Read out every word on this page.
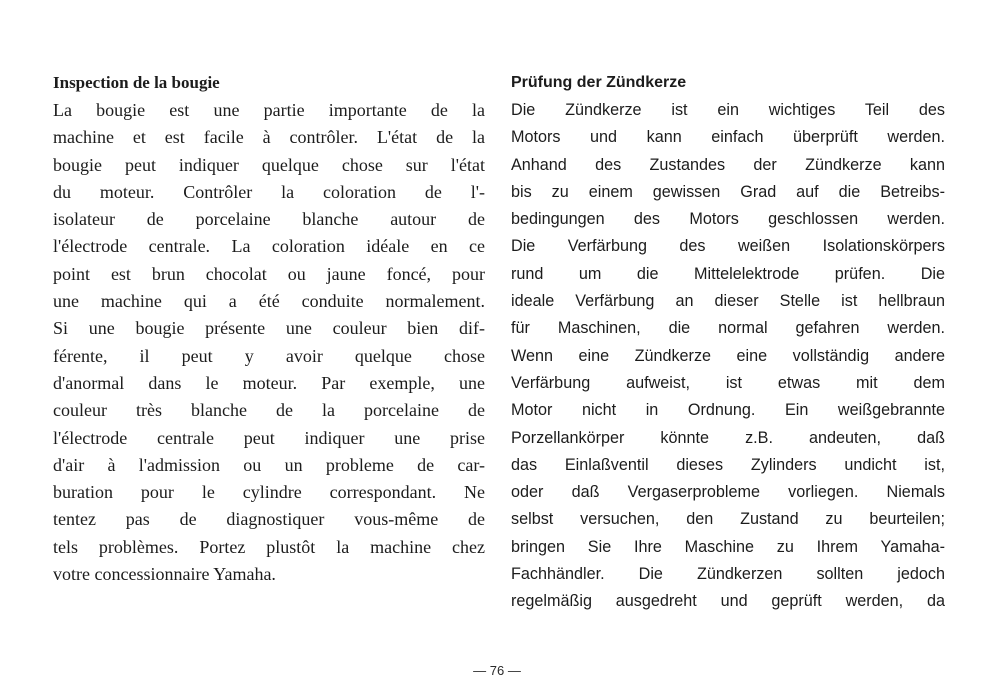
Inspection de la bougie
La bougie est une partie importante de la
machine et est facile à contrôler. L'état de la
bougie peut indiquer quelque chose sur l'état
du moteur. Contrôler la coloration de l'-
isolateur de porcelaine blanche autour de
l'électrode centrale. La coloration idéale en ce
point est brun chocolat ou jaune foncé, pour
une machine qui a été conduite normalement.
Si une bougie présente une couleur bien dif-
férente, il peut y avoir quelque chose
d'anormal dans le moteur. Par exemple, une
couleur très blanche de la porcelaine de
l'électrode centrale peut indiquer une prise
d'air à l'admission ou un probleme de car-
buration pour le cylindre correspondant. Ne
tentez pas de diagnostiquer vous-même de
tels problèmes. Portez plustôt la machine chez
votre concessionnaire Yamaha.
Prüfung der Zündkerze
Die Zündkerze ist ein wichtiges Teil des
Motors und kann einfach überprüft werden.
Anhand des Zustandes der Zündkerze kann
bis zu einem gewissen Grad auf die Betreibs-
bedingungen des Motors geschlossen werden.
Die Verfärbung des weißen Isolationskörpers
rund um die Mittelelektrode prüfen. Die
ideale Verfärbung an dieser Stelle ist hellbraun
für Maschinen, die normal gefahren werden.
Wenn eine Zündkerze eine vollständig andere
Verfärbung aufweist, ist etwas mit dem
Motor nicht in Ordnung. Ein weißgebrannte
Porzellankörper könnte z.B. andeuten, daß
das Einlaßventil dieses Zylinders undicht ist,
oder daß Vergaserprobleme vorliegen. Niemals
selbst versuchen, den Zustand zu beurteilen;
bringen Sie Ihre Maschine zu Ihrem Yamaha-
Fachhändler. Die Zündkerzen sollten jedoch
regelmäßig ausgedreht und geprüft werden, da
— 76 —
